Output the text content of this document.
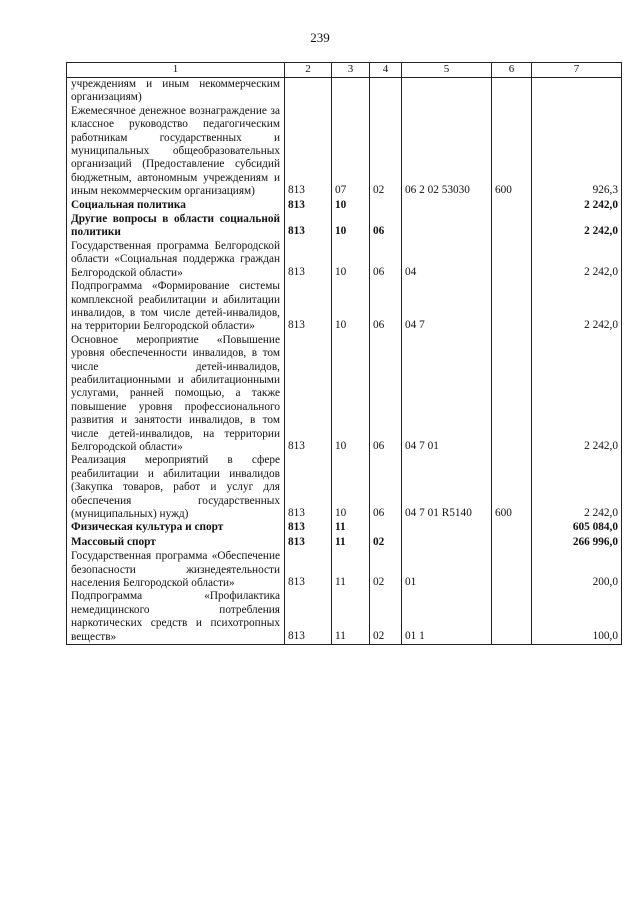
239
1	2	3	4	5	6	7
учреждениям и иным некоммерческим организациям)						
Ежемесячное денежное вознаграждение за классное руководство педагогическим работникам государственных и муниципальных общеобразовательных организаций (Предоставление субсидий бюджетным, автономным учреждениям и иным некоммерческим организациям)	813	07	02	06 2 02 53030	600	926,3
Социальная политика	813	10				2 242,0
Другие вопросы в области социальной политики	813	10	06			2 242,0
Государственная программа Белгородской области «Социальная поддержка граждан Белгородской области»	813	10	06	04		2 242,0
Подпрограмма «Формирование системы комплексной реабилитации и абилитации инвалидов, в том числе детей-инвалидов, на территории Белгородской области»	813	10	06	04 7		2 242,0
Основное мероприятие «Повышение уровня обеспеченности инвалидов, в том числе детей-инвалидов, реабилитационными и абилитационными услугами, ранней помощью, а также повышение уровня профессионального развития и занятости инвалидов, в том числе детей-инвалидов, на территории Белгородской области»	813	10	06	04 7 01		2 242,0
Реализация мероприятий в сфере реабилитации и абилитации инвалидов (Закупка товаров, работ и услуг для обеспечения государственных (муниципальных) нужд)	813	10	06	04 7 01 R5140	600	2 242,0
Физическая культура и спорт	813	11				605 084,0
Массовый спорт	813	11	02			266 996,0
Государственная программа «Обеспечение безопасности жизнедеятельности населения Белгородской области»	813	11	02	01		200,0
Подпрограмма «Профилактика немедицинского потребления наркотических средств и психотропных веществ»	813	11	02	01 1		100,0
